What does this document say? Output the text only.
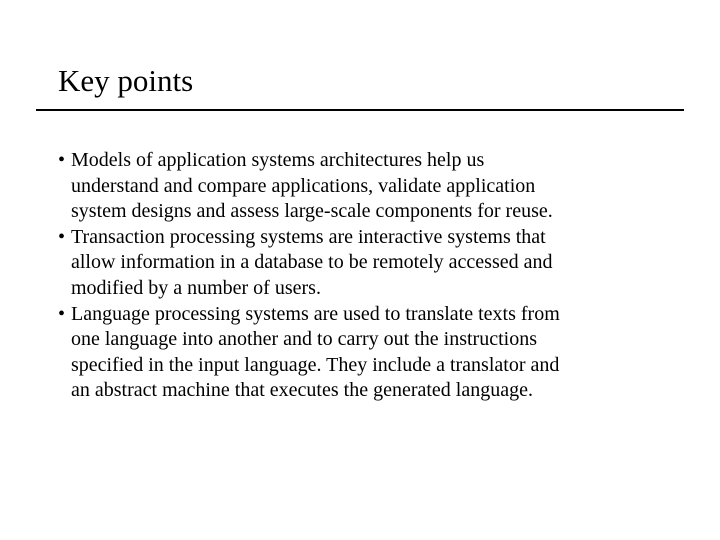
Key points
• Models of application systems architectures help us
understand and compare applications, validate application
system designs and assess large-scale components for reuse.
• Transaction processing systems are interactive systems that
allow information in a database to be remotely accessed and
modified by a number of users.
• Language processing systems are used to translate texts from
one language into another and to carry out the instructions
specified in the input language. They include a translator and
an abstract machine that executes the generated language.
